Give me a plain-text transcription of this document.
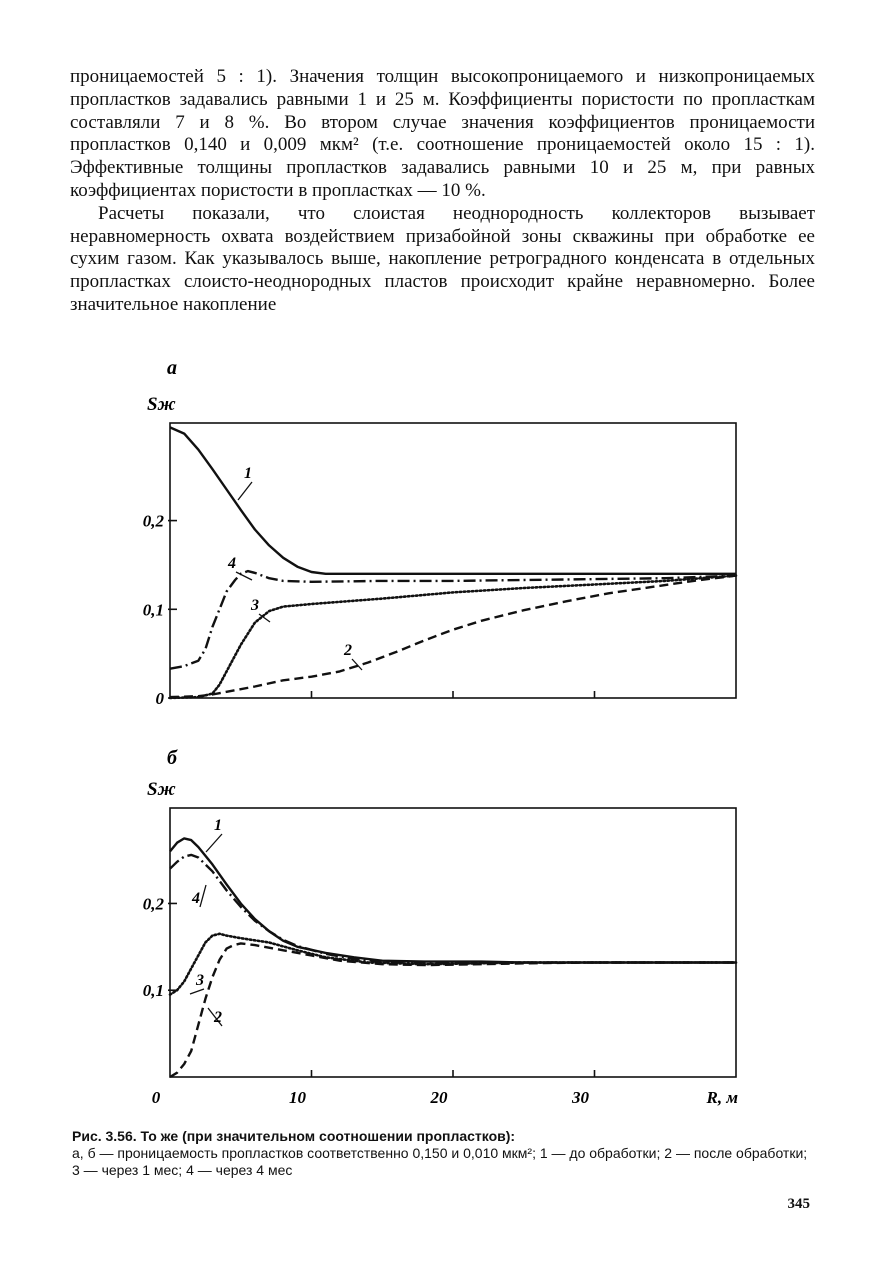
проницаемостей 5 : 1). Значения толщин высокопроницаемого и низкопроницаемых пропластков задавались равными 1 и 25 м. Коэффициенты пористости по пропласткам составляли 7 и 8 %. Во втором случае значения коэффициентов проницаемости пропластков 0,140 и 0,009 мкм² (т.е. соотношение проницаемостей около 15 : 1). Эффективные толщины пропластков задавались равными 10 и 25 м, при равных коэффициентах пористости в пропластках — 10 %.

Расчеты показали, что слоистая неоднородность коллекторов вызывает неравномерность охвата воздействием призабойной зоны скважины при обработке ее сухим газом. Как указывалось выше, накопление ретроградного конденсата в отдельных пропластках слоисто-неоднородных пластов происходит крайне неравномерно. Более значительное накопление

а
Sж
0
0,1
0,2
1
2
3
4
б
Sж
0,1
0,2
0	10	20	30	R, м
1
2
3
4
Рис. 3.56. То же (при значительном соотношении пропластков):
а, б — проницаемость пропластков соответственно 0,150 и 0,010 мкм²; 1 — до обработки; 2 — после обработки; 3 — через 1 мес; 4 — через 4 мес
345
